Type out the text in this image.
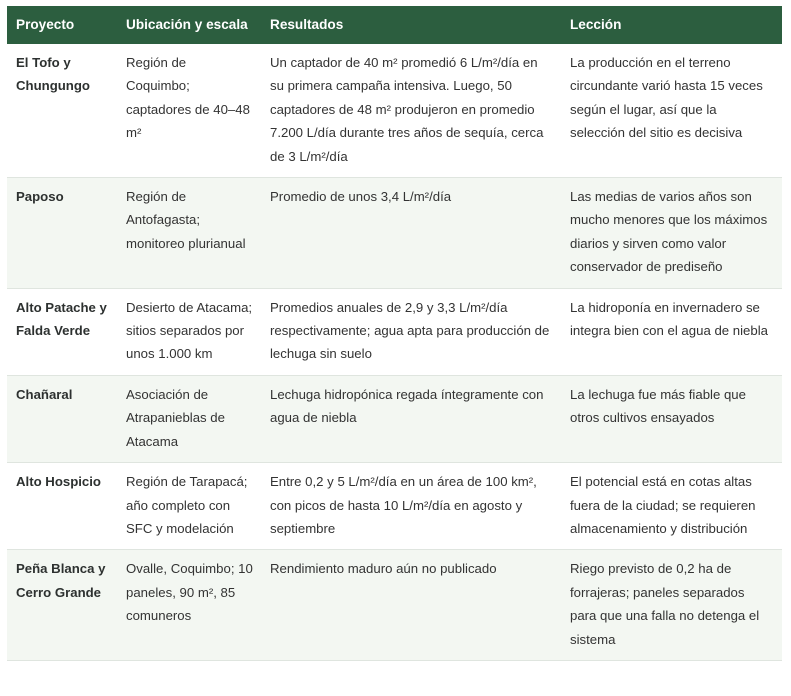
Proyecto	Ubicación y escala	Resultados	Lección
El Tofo y Chungungo	Región de Coquimbo; captadores de 40–48 m²	Un captador de 40 m² promedió 6 L/m²/día en su primera campaña intensiva. Luego, 50 captadores de 48 m² produjeron en promedio 7.200 L/día durante tres años de sequía, cerca de 3 L/m²/día	La producción en el terreno circundante varió hasta 15 veces según el lugar, así que la selección del sitio es decisiva
Paposo	Región de Antofagasta; monitoreo plurianual	Promedio de unos 3,4 L/m²/día	Las medias de varios años son mucho menores que los máximos diarios y sirven como valor conservador de prediseño
Alto Patache y Falda Verde	Desierto de Atacama; sitios separados por unos 1.000 km	Promedios anuales de 2,9 y 3,3 L/m²/día respectivamente; agua apta para producción de lechuga sin suelo	La hidroponía en invernadero se integra bien con el agua de niebla
Chañaral	Asociación de Atrapanieblas de Atacama	Lechuga hidropónica regada íntegramente con agua de niebla	La lechuga fue más fiable que otros cultivos ensayados
Alto Hospicio	Región de Tarapacá; año completo con SFC y modelación	Entre 0,2 y 5 L/m²/día en un área de 100 km², con picos de hasta 10 L/m²/día en agosto y septiembre	El potencial está en cotas altas fuera de la ciudad; se requieren almacenamiento y distribución
Peña Blanca y Cerro Grande	Ovalle, Coquimbo; 10 paneles, 90 m², 85 comuneros	Rendimiento maduro aún no publicado	Riego previsto de 0,2 ha de forrajeras; paneles separados para que una falla no detenga el sistema
